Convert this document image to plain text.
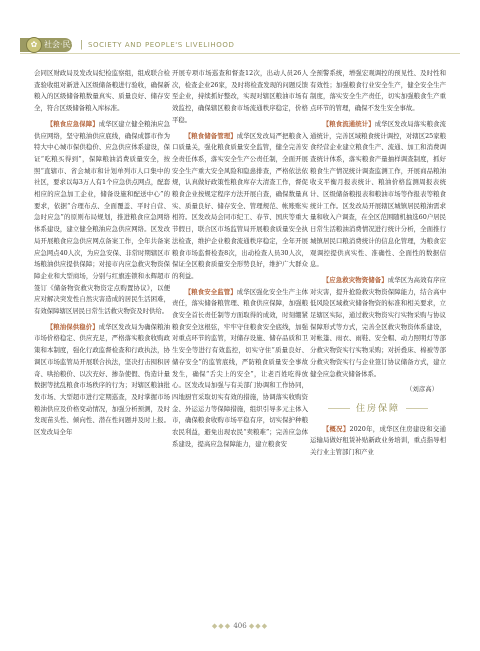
✿ 社会·民生 | SOCIETY AND PEOPLE'S LIVELIHOOD

会同区财政局及发改局纪检监察组，组成联合检查验收组对新进入区级储备粮进行验收，确保新粮入的区级储备粮数量真实、质量良好、储存安全，符合区级储备粮入库标准。

【粮食应急保障】成华区建立健全粮油应急供应网络，坚守粮油供应底线，确保成都市作为特大中心城市保供稳价、应急供应体系建设，保证“吃粮买得到”，保障粮油消费质量安全，按照“直辖市、省会城市和计划单列市人口集中的社区，要求以每3万人有1个应急供点网点，配套相应的应急加工企业，储备设施和配送中心”的要求，依据“合理布点、全面覆盖、平时自营、急时应急”的原则布局规划，推进粮食应急网络体系建设，建立健全粮油应急供应网络。区发改局开展粮食应急供应网点备案工作，全年共备案应急网点40人次，为应急安保、非常时期辖区市场粮油供应提供保障；对接市内应急救灾物资保障企业和大型商场，分别与红旗连锁和永辉超市签订《储备物资救灾物资定点购置协议》，以便应对解决突发性自然灾害造成的居民生活困难，有效保障辖区居民日常生活救灾物资及时供给。

【粮油保供稳价】成华区发改局为确保粮油市场价格稳定、供应充足，严格落实粮食收购政策和本制度，强化行政监督检查和行政执法，协调区市场监管局开展联合执法，坚决打击囤积居奇、哄抬粮价、以次充好、掺杂使假、伪造计量数据等扰乱粮食市场秩序的行为；对辖区粮油批发市场、大型超市进行定期巡查，及时掌握市场粮油供应及价格变动情况，加强分析预测，及时发现苗头性、倾向性、潜在性问题并及时上报。区发改局全年

开展专项市场巡查和督查12次，出动人员26人次，检查企业26家，及时将检查发现的问题反馈至企业，持续抓好整改，实现对辖区粮油市场有效监控，确保辖区粮食市场流通秩序稳定，价格平稳。

【粮食储备管理】成华区发改局严把粮食入口质量关，强化粮食质量安全监管，健全完善安全责任体系，落实安全生产公责任制，全面开展安全生产重大安全风险和隐患排查，严格依法依规，认真做好政策性粮食库存大清查工作，督促粮食企业按规定程序方法开展自查，确保数量真实、质量良好、储存安全、管理规范、帐账账实相符。区发改局会同市纪工、春节、国庆等重大节假日，联合区市场监管局开展粮食质量安全执法检查，维护企业粮食流通秩序稳定，全年开展粮食市场监督检查8次，出动检查人员30人次，保证全区粮食质量安全形势良好，维护广大群众的利益。

【粮食安全监管】成华区强化安全生产主体责任，落实储备粮管理、粮食供应保障，加强粮食安全首长责任制等方面取得的成效，时刻绷紧粮食安全这根弦，牢牢守住粮食安全底线，加强对重点环节的监管，对储存设施、储存品质和卫生安全等进行有效监控，切实守住“质量良好、储存安全”的监管底线，严防粮食质量安全事故发生，确保“舌尖上的安全”，让老百姓吃得放心。区发改局加强与有关部门协调和工作协同，四地厨官采取切实有效的措施，协调落实收购资金、外运运力等保障措施，组织引导多元主体入市，确保粮食收购市场平稳有序，切实保护种粮农民利益，避免出现农民“卖粮难”；完善应急体系建设，提高应急保障能力，建立粮食安

全预警系统，增强宏观调控的预见性、及时性和有效性；加强粮食行业安全生产，健全安全生产制度，落实安全生产责任，切实加强粮食生产重点环节的管理，确保不发生安全事故。

【粮食流通统计】成华区发改局落实粮食流通统计，完善区域粮食统计调控，对辖区25家粮食经营企业建立粮食生产、流通、加工和消费调查统计体系，落实粮食产量抽样调查制度，抓好粮食生产情况统计调查监测工作，开展商品粮油收支平衡月报表统计、粮油价格监测周报表统计、区级储备粮报表和粮油市场等作报表等粮食统计工作。区发改局开展辖区城镇居民粮油需求量和收入户调查，在全区范围随机抽选60户居民日常生活粮油消费情况进行统计分析，全面推行城镇居民口粮消费统计的信息化管理，为粮食宏观调控提供真实性、准确性、全面性的数据信息。

【应急救灾物资储备】成华区为高效有序应对灾害，提升抢险救灾物资保障能力，结合高中低风险区域救灾储备物资的标准和相关要求，立足辖区实际，通过救灾物资实行实物采购与协议保障形式等方式，完善全区救灾物资体系建设，对帐篷、雨衣、雨鞋、安全帽、动力照明灯等部分救灾物资实行实物采购；对折叠床、棉被等部分救灾物资实行与企业签订协议储备方式，建立健全应急救灾储备体系。

（刘彦高）
住房保障

【概况】2020年，成华区住房建设和交通运输局做好租赁补贴新政业务培训，重点指导相关行业主管部门和产业

◆◆◆ 406 ◆◆◆
